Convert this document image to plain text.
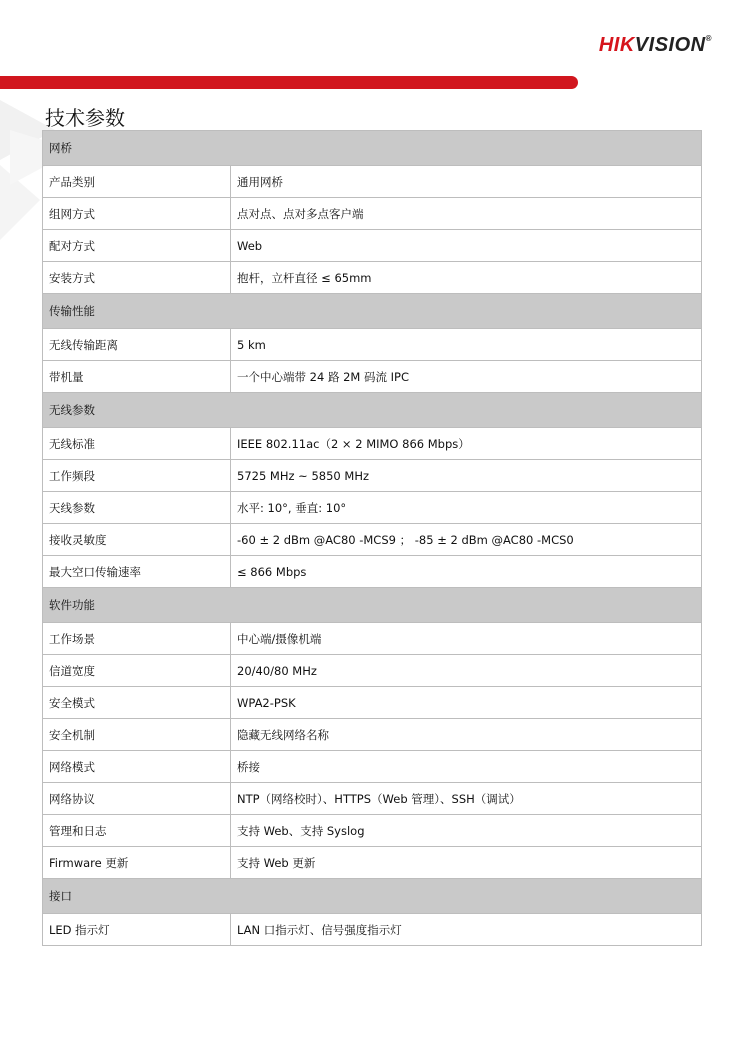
HIKVISION®
技术参数
网桥	
产品类别	通用网桥
组网方式	点对点、点对多点客户端
配对方式	Web
安装方式	抱杆，立杆直径 ≤ 65mm
传输性能	
无线传输距离	5 km
带机量	一个中心端带 24 路 2M 码流 IPC
无线参数	
无线标准	IEEE 802.11ac（2 × 2 MIMO 866 Mbps）
工作频段	5725 MHz ~ 5850 MHz
天线参数	水平: 10°, 垂直: 10°
接收灵敏度	-60 ± 2 dBm @AC80 -MCS9 ； -85 ± 2 dBm @AC80 -MCS0
最大空口传输速率	≤ 866 Mbps
软件功能	
工作场景	中心端/摄像机端
信道宽度	20/40/80 MHz
安全模式	WPA2-PSK
安全机制	隐藏无线网络名称
网络模式	桥接
网络协议	NTP（网络校时）、HTTPS（Web 管理）、SSH（调试）
管理和日志	支持 Web、支持 Syslog
Firmware 更新	支持 Web 更新
接口	
LED 指示灯	LAN 口指示灯、信号强度指示灯
